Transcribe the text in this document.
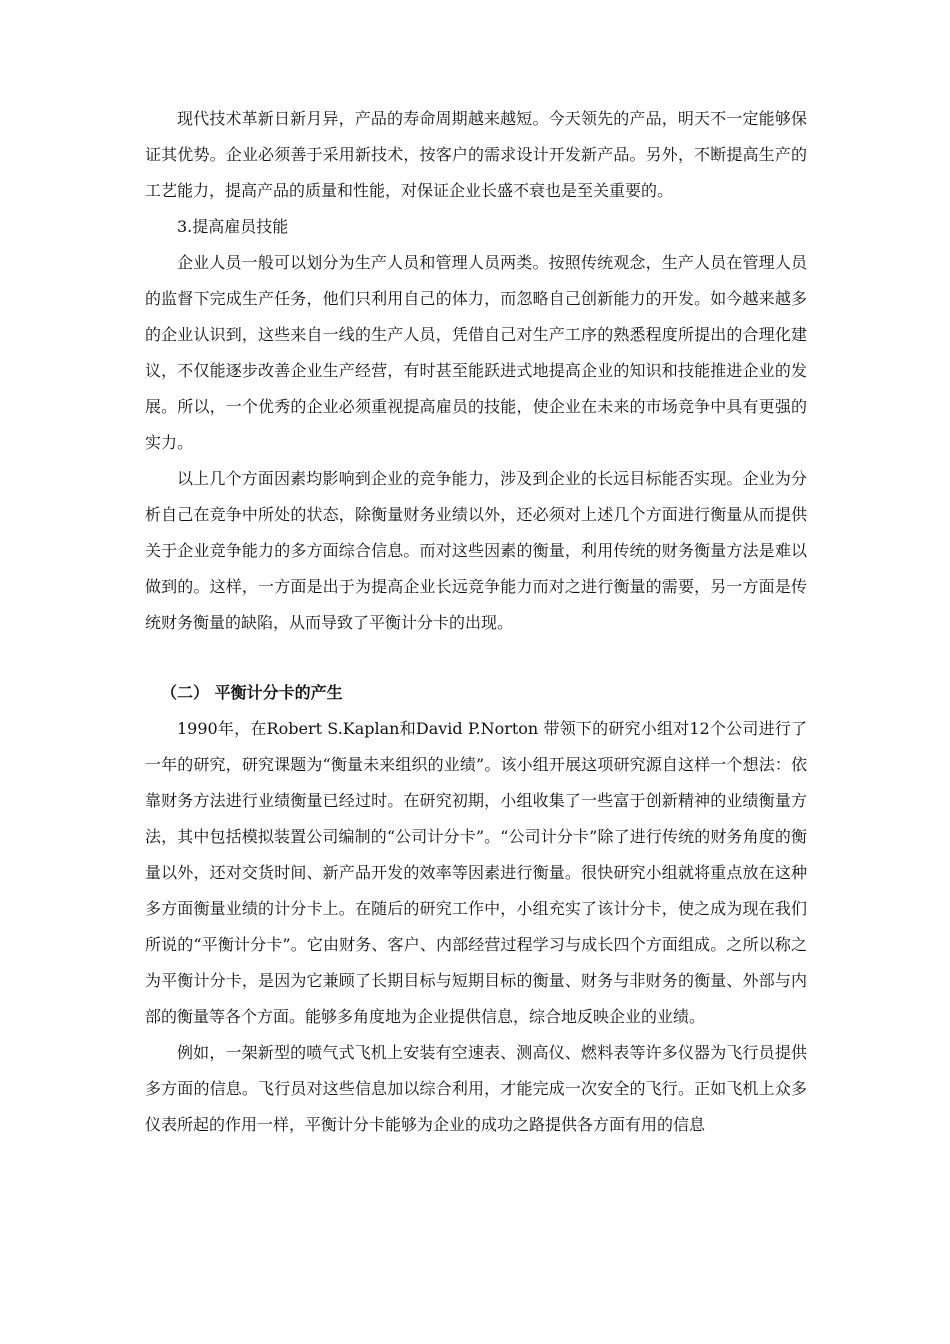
现代技术革新日新月异，产品的寿命周期越来越短。今天领先的产品，明天不一定能够保证其优势。企业必须善于采用新技术，按客户的需求设计开发新产品。另外，不断提高生产的工艺能力，提高产品的质量和性能，对保证企业长盛不衰也是至关重要的。

3.提高雇员技能

企业人员一般可以划分为生产人员和管理人员两类。按照传统观念，生产人员在管理人员的监督下完成生产任务，他们只利用自己的体力，而忽略自己创新能力的开发。如今越来越多的企业认识到，这些来自一线的生产人员，凭借自己对生产工序的熟悉程度所提出的合理化建议，不仅能逐步改善企业生产经营，有时甚至能跃进式地提高企业的知识和技能推进企业的发展。所以，一个优秀的企业必须重视提高雇员的技能，使企业在未来的市场竞争中具有更强的实力。

以上几个方面因素均影响到企业的竞争能力，涉及到企业的长远目标能否实现。企业为分析自己在竞争中所处的状态，除衡量财务业绩以外，还必须对上述几个方面进行衡量从而提供关于企业竞争能力的多方面综合信息。而对这些因素的衡量，利用传统的财务衡量方法是难以做到的。这样，一方面是出于为提高企业长远竞争能力而对之进行衡量的需要，另一方面是传统财务衡量的缺陷，从而导致了平衡计分卡的出现。

（二） 平衡计分卡的产生

1990年，在Robert S.Kaplan和David P.Norton 带领下的研究小组对12个公司进行了一年的研究，研究课题为“衡量未来组织的业绩”。该小组开展这项研究源自这样一个想法：依靠财务方法进行业绩衡量已经过时。在研究初期，小组收集了一些富于创新精神的业绩衡量方法，其中包括模拟装置公司编制的“公司计分卡”。“公司计分卡”除了进行传统的财务角度的衡量以外，还对交货时间、新产品开发的效率等因素进行衡量。很快研究小组就将重点放在这种多方面衡量业绩的计分卡上。在随后的研究工作中，小组充实了该计分卡，使之成为现在我们所说的“平衡计分卡”。它由财务、客户、内部经营过程学习与成长四个方面组成。之所以称之为平衡计分卡，是因为它兼顾了长期目标与短期目标的衡量、财务与非财务的衡量、外部与内部的衡量等各个方面。能够多角度地为企业提供信息，综合地反映企业的业绩。

例如，一架新型的喷气式飞机上安装有空速表、测高仪、燃料表等许多仪器为飞行员提供多方面的信息。飞行员对这些信息加以综合利用，才能完成一次安全的飞行。正如飞机上众多仪表所起的作用一样，平衡计分卡能够为企业的成功之路提供各方面有用的信息
